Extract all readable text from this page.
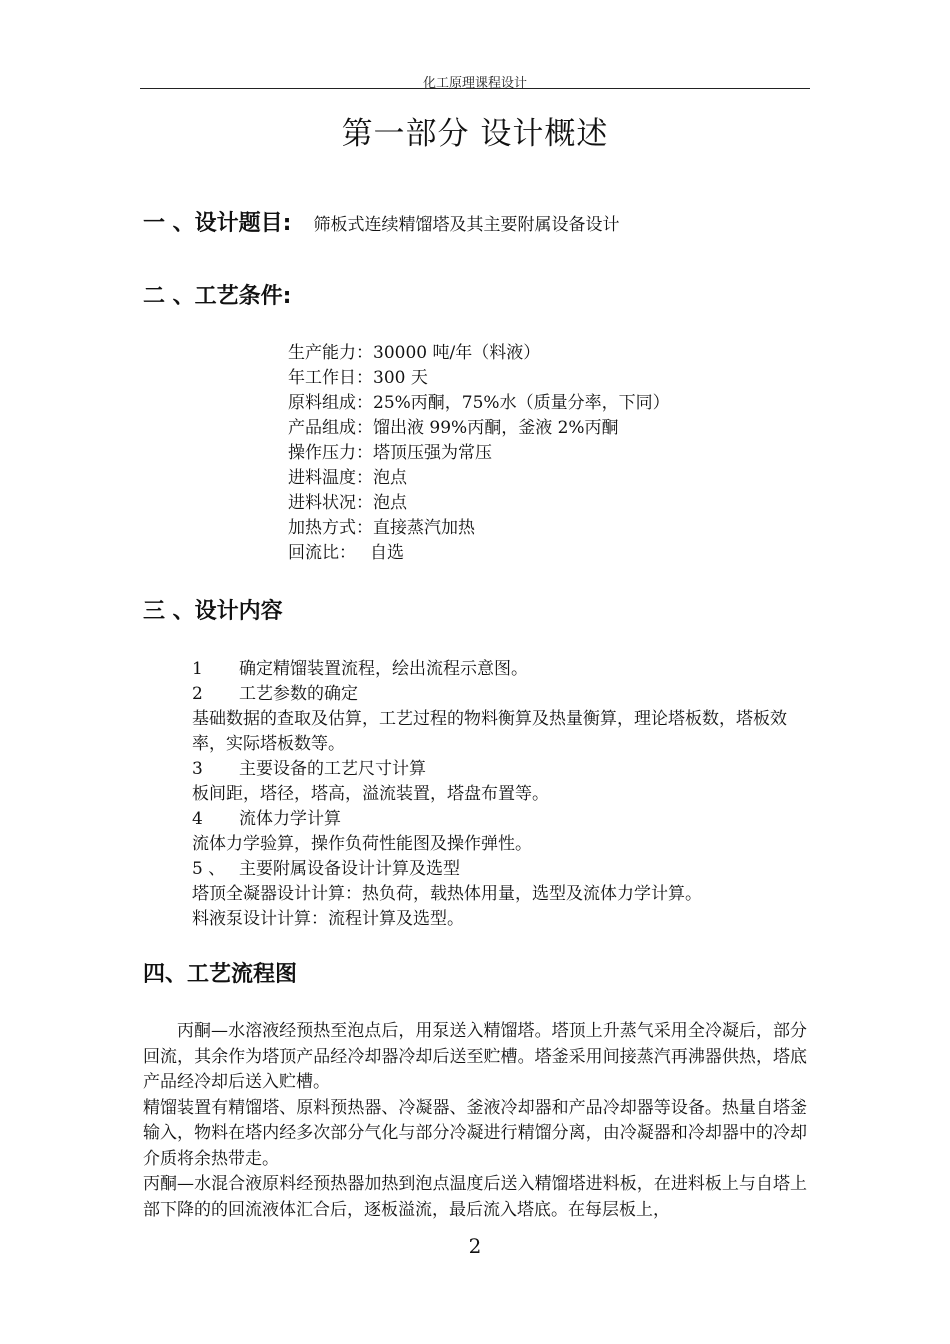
化工原理课程设计
第一部分 设计概述
一 、设计题目: 筛板式连续精馏塔及其主要附属设备设计
二 、工艺条件:
生产能力：30000 吨/年（料液）
年工作日：300 天
原料组成：25%丙酮，75%水（质量分率，下同）
产品组成：馏出液 99%丙酮，釜液 2%丙酮
操作压力：塔顶压强为常压
进料温度：泡点
进料状况：泡点
加热方式：直接蒸汽加热
回流比： 自选
三 、设计内容
1 确定精馏装置流程，绘出流程示意图。
2 工艺参数的确定
基础数据的查取及估算，工艺过程的物料衡算及热量衡算，理论塔板数，塔板效        率，实际塔板数等。
3 主要设备的工艺尺寸计算
板间距，塔径，塔高，溢流装置，塔盘布置等。
4 流体力学计算
流体力学验算，操作负荷性能图及操作弹性。
5 、 主要附属设备设计计算及选型
塔顶全凝器设计计算：热负荷，载热体用量，选型及流体力学计算。
料液泵设计计算：流程计算及选型。
四、工艺流程图

丙酮—水溶液经预热至泡点后，用泵送入精馏塔。塔顶上升蒸气采用全冷凝后，部分回流，其余作为塔顶产品经冷却器冷却后送至贮槽。塔釜采用间接蒸汽再沸器供热，塔底产品经冷却后送入贮槽。

精馏装置有精馏塔、原料预热器、冷凝器、釜液冷却器和产品冷却器等设备。热量自塔釜输入，物料在塔内经多次部分气化与部分冷凝进行精馏分离，由冷凝器和冷却器中的冷却介质将余热带走。

丙酮—水混合液原料经预热器加热到泡点温度后送入精馏塔进料板，在进料板上与自塔上部下降的的回流液体汇合后，逐板溢流，最后流入塔底。在每层板上，

2
